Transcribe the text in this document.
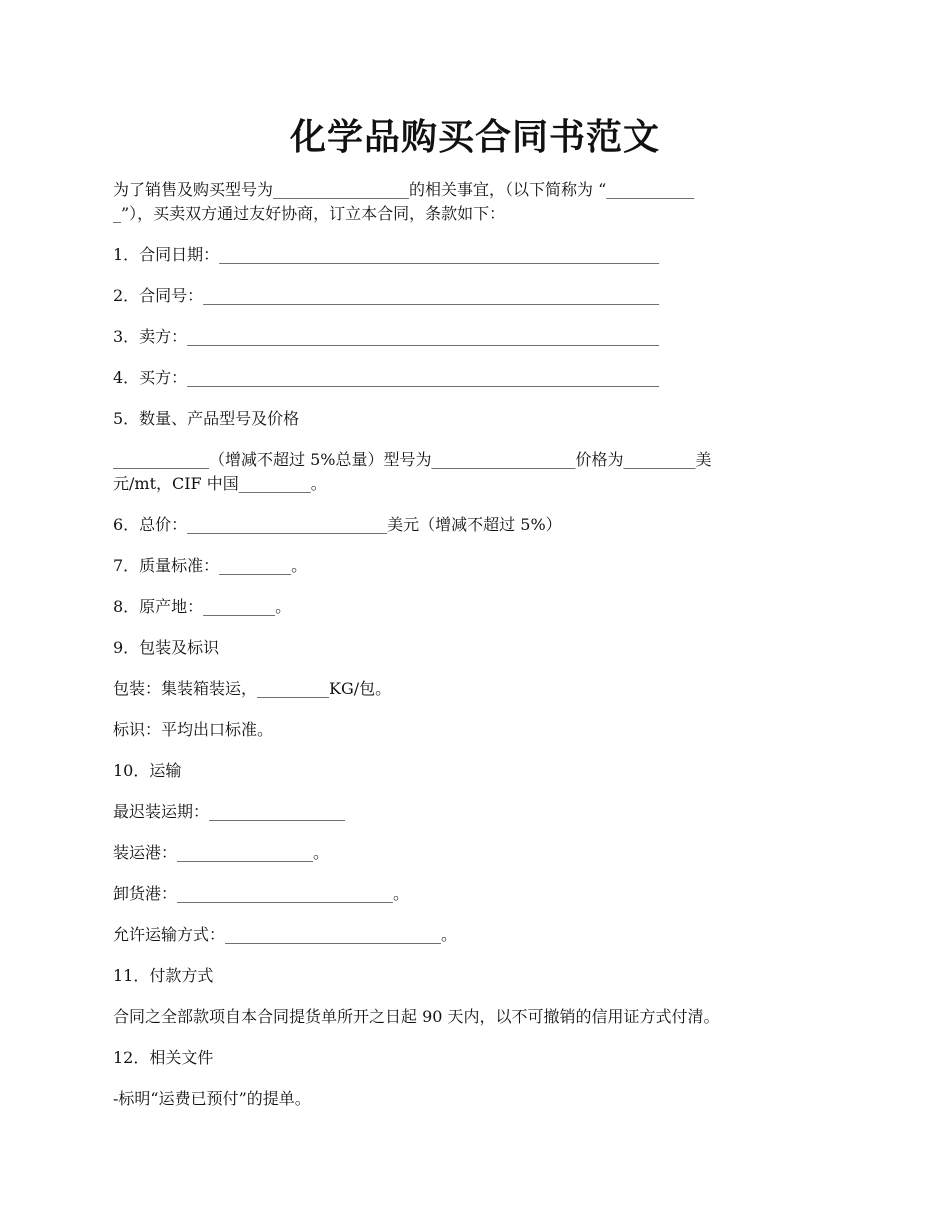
化学品购买合同书范文

为了销售及购买型号为_________________的相关事宜，（以下简称为 “___________

_”），买卖双方通过友好协商，订立本合同，条款如下：

1．合同日期：_______________________________________________________

2．合同号：_________________________________________________________

3．卖方：___________________________________________________________

4．买方：___________________________________________________________

5．数量、产品型号及价格

____________（增减不超过 5%总量）型号为__________________价格为_________美

元/mt，CIF 中国_________。

6．总价：_________________________美元（增减不超过 5%）

7．质量标准：_________。

8．原产地：_________。

9．包装及标识

包装：集装箱装运，_________KG/包。

标识：平均出口标准。

10．运输

最迟装运期：_________________

装运港：_________________。

卸货港：___________________________。

允许运输方式：___________________________。

11．付款方式

合同之全部款项自本合同提货单所开之日起 90 天内，以不可撤销的信用证方式付清。

12．相关文件

-标明“运费已预付”的提单。
